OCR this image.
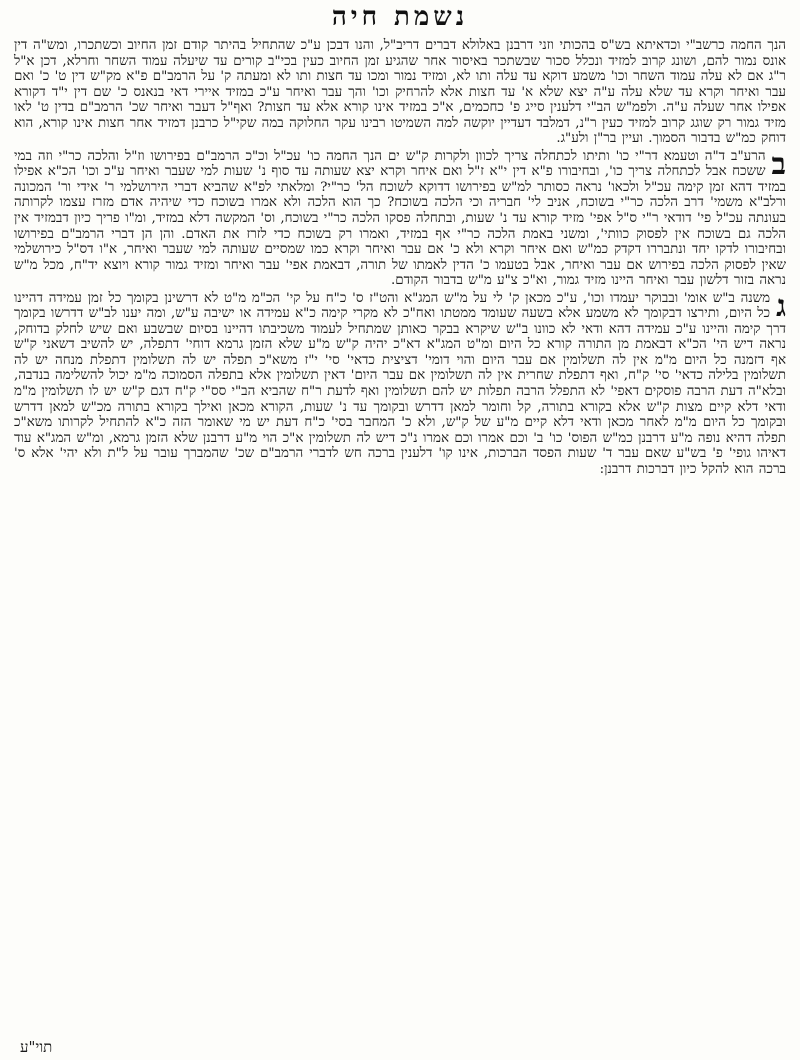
נשמת חיה

הנך החמה כרשב"י וכדאיתא בש"ס בהכותי וזני דרבנן באלולא דברים דריב"ל, והנו דבכן ע"כ שהתחיל בהיתר קודם זמן החיוב וכשתכרו, ומש"ה דין אונס נמור להם, ושונג קרוב למזיד ונכלל סכור שבשתכר באיסור אחר שהגיע זמן החיוב כעין בכי"ב קורים עד שיעלה עמוד השחר וחרלא, דכן א"ל ר"ג אם לא עלה עמוד השחר וכו' משמע דוקא עד עלה ותו לא, ומזיד נמור ומכו עד חצות ותו לא ומעתה ק' על הרמב"ם פ"א מק"ש דין ט' כ' ואם עבר ואיחר וקרא עד שלא עלה ע"ה יצא שלא א' עד חצות אלא להרחיק וכו' והך עבר ואיחר ע"כ במזיד איירי דאי בנאנס כ' שם דין י"ד דקורא אפילו אחר שעלה ע"ה. ולפמ"ש הב"י דלענין סייג פ' כחכמים, א"כ במזיד אינו קורא אלא עד חצות? ואף"ל דעבר ואיחר שכ' הרמב"ם בדין ט' לאו מזיד גמור רק שוגג קרוב למזיד כעין ר"נ, דמלבד דעדיין יוקשה למה השמיטו רבינו עקר החלוקה במה שקי"ל כרבנן דמזיד אחר חצות אינו קורא, הוא דוחק כמ"ש בדבור הסמוך. ועיין בר"ן ולע"ג.

ב
הרע"ב ד"ה וטעמא דר"י כו' ותיתו לכתחלה צריך לכוון ולקרות ק"ש ים הנך החמה כו' עכ"ל וכ"כ הרמב"ם בפירושו וז"ל והלכה כר"י וזה במי ששכח אבל לכתחלה צריך כו', ובחיבורו פ"א דין י"א ז"ל ואם איחר וקרא יצא שעותה עד סוף נ' שעות למי שעבר ואיחר ע"כ וכו' הכ"א אפילו במזיד דהא זמן קימה עכ"ל ולכאו' נראה כסותר למ"ש בפירושו דדוקא לשוכח הל' כר"י? ומלאתי לפ"א שהביא דברי הירושלמי ר' אידי ור' המכונה ורלב"א משמי' דרב הלכה כר"י בשוכח, אניב לי' חבריה וכי הלכה בשוכח? כך הוא הלכה ולא אמרו בשוכח כדי שיהיה אדם מזרז עצמו לקרותה בעונתה עכ"ל פי' דודאי ר"י ס"ל אפי' מזיד קורא עד נ' שעות, ובתחלה פסקו הלכה כר"י בשוכח, וס' המקשה דלא במזיד, ומ"ו פריך כיון דבמזיד אין הלכה גם בשוכח אין לפסוק כוותי', ומשני באמת הלכה כר"י אף במזיד, ואמרו רק בשוכח כדי לזרז את האדם. והן הן דברי הרמב"ם בפירושו ובחיבורו לדקו יחד ונתבררו דקדק כמ"ש ואם איחר וקרא ולא כ' אם עבר ואיחר וקרא כמו שמסיים שעותה למי שעבר ואיחר, א"ו דס"ל כירושלמי שאין לפסוק הלכה בפירוש אם עבר ואיחר, אבל בטעמו כ' הדין לאמתו של תורה, דבאמת אפי' עבר ואיחר ומזיד גמור קורא ויוצא יד"ח, מכל מ"ש נראה בזור דלשון עבר ואיחר היינו מזיד גמור, וא"כ צ"ע מ"ש בדבור הקודם.

ג
משנה ב"ש אומ' ובבוקר יעמדו וכו', ע"כ מכאן ק' לי על מ"ש המג"א והט"ז ס' כ"ח על קי' הכ"מ מ"ט לא דרשינן בקומך כל זמן עמידה דהיינו כל היום, ותירצו דבקומך לא משמע אלא בשעה שעומד ממטתו ואח"כ לא מקרי קימה כ"א עמידה או ישיבה ע"ש, ומה יענו לב"ש דדרשו בקומך דרך קימה והיינו ע"כ עמידה דהא ודאי לא כוונו ב"ש שיקרא בבקר כאותן שמתחיל לעמוד משכיבתו דהיינו בסיום שבשבע ואם שיש לחלק בדוחק, נראה דיש הי' הכ"א דבאמת מן התורה קורא כל היום ומ"ט המג"א דא"כ יהיה ק"ש מ"ע שלא הזמן גרמא דוחי' דתפלה, יש להשיב דשאני ק"ש אף דזמנה כל היום מ"מ אין לה תשלומין אם עבר היום והוי דומי' דציצית כדאי' סי' י"ז משא"כ תפלה יש לה תשלומין דתפלת מנחה יש לה תשלומין בלילה כדאי' סי' ק"ח, ואף דתפלת שחרית אין לה תשלומין אם עבר היום' דאין תשלומין אלא בתפלה הסמוכה מ"מ יכול להשלימה בנדבה, ובלא"ה דעת הרבה פוסקים דאפי' לא התפלל הרבה תפלות יש להם תשלומין ואף לדעת ר"ח שהביא הב"י סס"י ק"ח דגם ק"ש יש לו תשלומין מ"מ ודאי דלא קיים מצות ק"ש אלא בקורא בתורה, קל וחומר למאן דדרש ובקומך עד נ' שעות, הקורא מכאן ואילך בקורא בתורה מכ"ש למאן דדרש ובקומך כל היום מ"מ לאחר מכאן ודאי דלא קיים מ"ע של ק"ש, ולא כ' המחבר בסי' כ"ח דעת יש מי שאומר הזה כ"א להתחיל לקרותו משא"כ תפלה דהיא נופה מ"ע דרבנן כמ"ש הפוס' כו' ב' וכם אמרו וכם אמרו נ"כ דיש לה תשלומין א"כ הוי מ"ע דרבנן שלא הזמן גרמא, ומ"ש המג"א עוד דאיהו גופי' פ' בש"ע שאם עבר ד' שעות הפסד הברכות, אינו קו' דלענין ברכה חש לדברי הרמב"ם שכ' שהמברך עובר על ל"ת ולא יהי' אלא ס' ברכה הוא להקל כיון דברכות דרבנן:

תוי"ע
